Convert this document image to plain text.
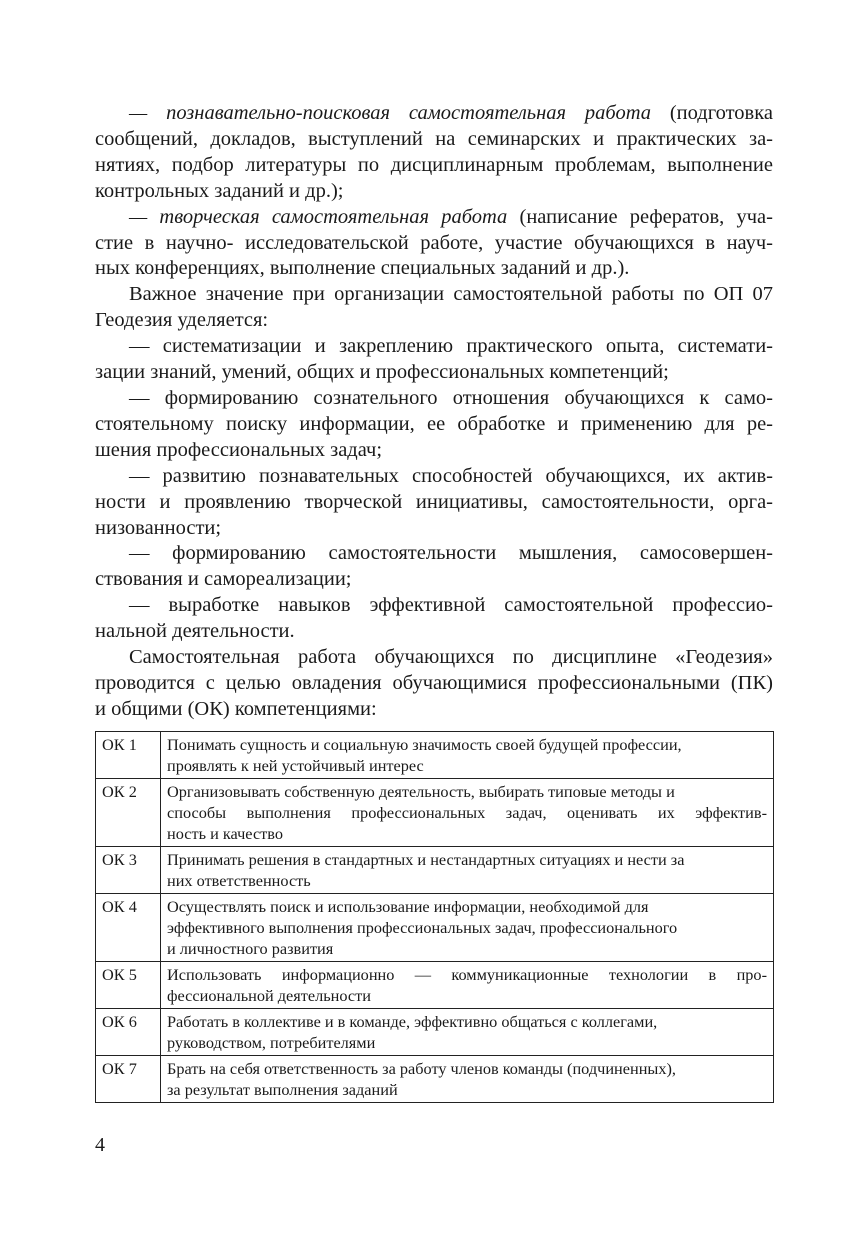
— познавательно-поисковая самостоятельная работа (подготовка
сообщений, докладов, выступлений на семинарских и практических за-
нятиях, подбор литературы по дисциплинарным проблемам, выполнение
контрольных заданий и др.);
— творческая самостоятельная работа (написание рефератов, уча-
стие в научно- исследовательской работе, участие обучающихся в науч-
ных конференциях, выполнение специальных заданий и др.).
Важное значение при организации самостоятельной работы по ОП 07
Геодезия уделяется:
— систематизации и закреплению практического опыта, системати-
зации знаний, умений, общих и профессиональных компетенций;
— формированию сознательного отношения обучающихся к само-
стоятельному поиску информации, ее обработке и применению для ре-
шения профессиональных задач;
— развитию познавательных способностей обучающихся, их актив-
ности и проявлению творческой инициативы, самостоятельности, орга-
низованности;
— формированию самостоятельности мышления, самосовершен-
ствования и самореализации;
— выработке навыков эффективной самостоятельной профессио-
нальной деятельности.
Самостоятельная работа обучающихся по дисциплине «Геодезия»
проводится с целью овладения обучающимися профессиональными (ПК)
и общими (ОК) компетенциями:
ОК 1	Понимать сущность и социальную значимость своей будущей профессии,
проявлять к ней устойчивый интерес

ОК 2	Организовывать собственную деятельность, выбирать типовые методы и
способы выполнения профессиональных задач, оценивать их эффектив-
ность и качество

ОК 3	Принимать решения в стандартных и нестандартных ситуациях и нести за
них ответственность

ОК 4	Осуществлять поиск и использование информации, необходимой для
эффективного выполнения профессиональных задач, профессионального
и личностного развития

ОК 5	Использовать информационно — коммуникационные технологии в про-
фессиональной деятельности

ОК 6	Работать в коллективе и в команде, эффективно общаться с коллегами,
руководством, потребителями

ОК 7	Брать на себя ответственность за работу членов команды (подчиненных),
за результат выполнения заданий
4
